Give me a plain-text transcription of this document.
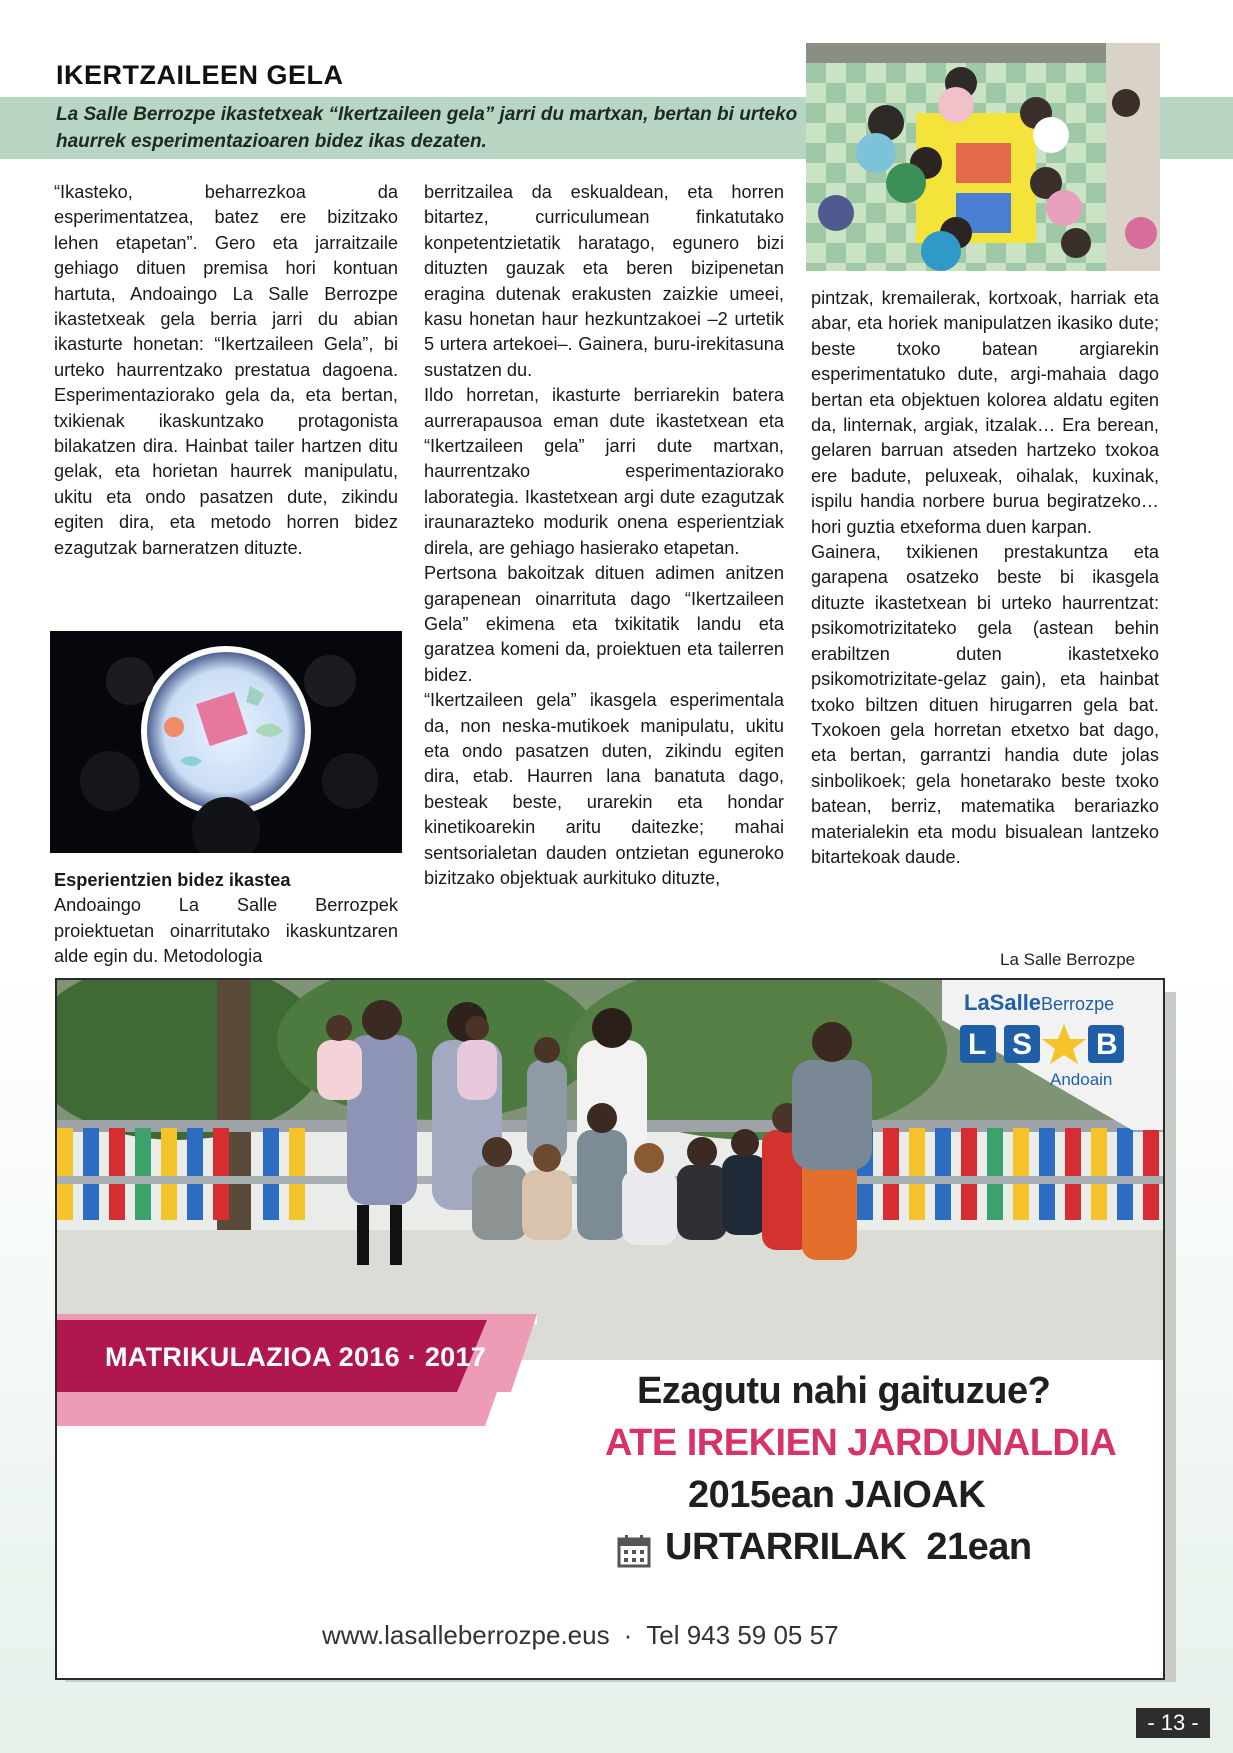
IKERTZAILEEN GELA
La Salle Berrozpe ikastetxeak “Ikertzaileen gela” jarri du martxan, bertan bi urteko haurrek esperimentazioaren bidez ikas dezaten.

“Ikasteko, beharrezkoa da esperimentatzea, batez ere bizitzako lehen etapetan”. Gero eta jarraitzaile gehiago dituen premisa hori kontuan hartuta, Andoaingo La Salle Berrozpe ikastetxeak gela berria jarri du abian ikasturte honetan: “Ikertzaileen Gela”, bi urteko haurrentzako prestatua dagoena. Esperimentaziorako gela da, eta bertan, txikienak ikaskuntzako protagonista bilakatzen dira. Hainbat tailer hartzen ditu gelak, eta horietan haurrek manipulatu, ukitu eta ondo pasatzen dute, zikindu egiten dira, eta metodo horren bidez ezagutzak barneratzen dituzte.

Esperientzien bidez ikastea

Andoaingo La Salle Berrozpek proiektuetan oinarritutako ikaskuntzaren alde egin du. Metodologia

berritzailea da eskualdean, eta horren bitartez, curriculumean finkatutako konpetentzietatik haratago, egunero bizi dituzten gauzak eta beren bizipenetan eragina dutenak erakusten zaizkie umeei, kasu honetan haur hezkuntzakoei –2 urtetik 5 urtera artekoei–. Gainera, buru-irekitasuna sustatzen du.

Ildo horretan, ikasturte berriarekin batera aurrerapausoa eman dute ikastetxean eta “Ikertzaileen gela” jarri dute martxan, haurrentzako esperimentaziorako laborategia. Ikastetxean argi dute ezagutzak iraunarazteko modurik onena esperientziak direla, are gehiago hasierako etapetan.

Pertsona bakoitzak dituen adimen anitzen garapenean oinarrituta dago “Ikertzaileen Gela” ekimena eta txikitatik landu eta garatzea komeni da, proiektuen eta tailerren bidez.

“Ikertzaileen gela” ikasgela esperimentala da, non neska-mutikoek manipulatu, ukitu eta ondo pasatzen duten, zikindu egiten dira, etab. Haurren lana banatuta dago, besteak beste, urarekin eta hondar kinetikoarekin aritu daitezke; mahai sentsorialetan dauden ontzietan eguneroko bizitzako objektuak aurkituko dituzte,

pintzak, kremailerak, kortxoak, harriak eta abar, eta horiek manipulatzen ikasiko dute; beste txoko batean argiarekin esperimentatuko dute, argi-mahaia dago bertan eta objektuen kolorea aldatu egiten da, linternak, argiak, itzalak… Era berean, gelaren barruan atseden hartzeko txokoa ere badute, peluxeak, oihalak, kuxinak, ispilu handia norbere burua begiratzeko… hori guztia etxeforma duen karpan.

Gainera, txikienen prestakuntza eta garapena osatzeko beste bi ikasgela dituzte ikastetxean bi urteko haurrentzat: psikomotrizitateko gela (astean behin erabiltzen duten ikastetxeko psikomotrizitate-gelaz gain), eta hainbat txoko biltzen dituen hirugarren gela bat. Txokoen gela horretan etxetxo bat dago, eta bertan, garrantzi handia dute jolas sinbolikoek; gela honetarako beste txoko batean, berriz, matematika berariazko materialekin eta modu bisualean lantzeko bitartekoak daude.

La Salle Berrozpe
LaSalleBerrozpe
L S B
Andoain
MATRIKULAZIOA 2016 · 2017
Ezagutu nahi gaituzue?
ATE IREKIEN JARDUNALDIA
2015ean JAIOAK
URTARRILAK  21ean
www.lasalleberrozpe.eus · Tel 943 59 05 57
- 13 -
